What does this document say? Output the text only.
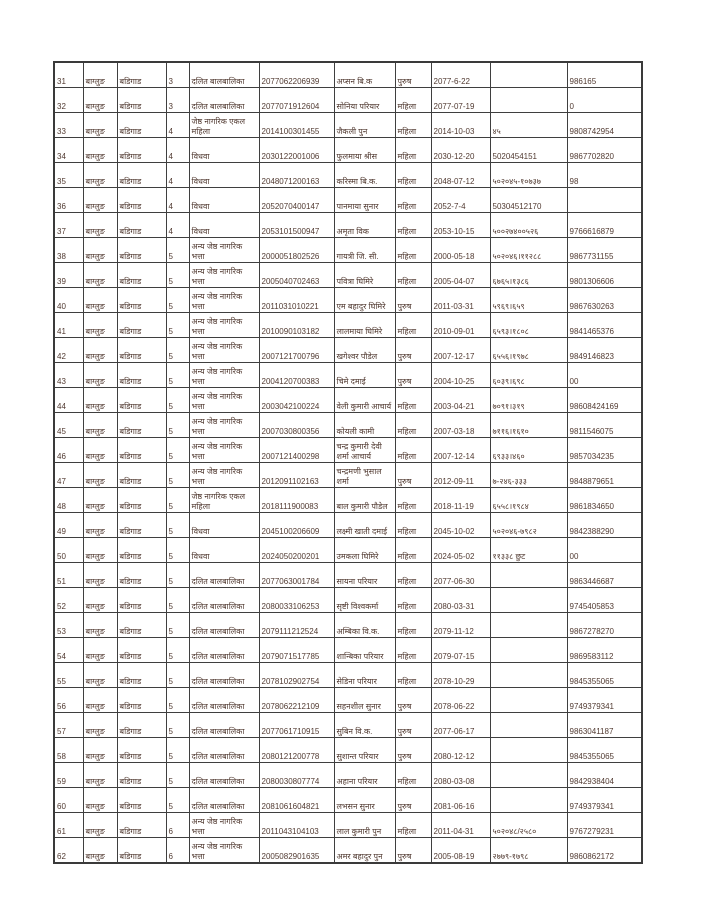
31	बाग्लुङ	बडिगाड	3	दलित बालबालिका	2077062206939	अप्सन बि.क	पुरुष	2077-6-22		986165
32	बाग्लुङ	बडिगाड	3	दलित बालबालिका	2077071912604	सोनिया परियार	महिला	2077-07-19		0
33	बाग्लुङ	बडिगाड	4	जेष्ठ नागरिक एकल महिला	2014100301455	जैकली पुन	महिला	2014-10-03	४५	9808742954
34	बाग्लुङ	बडिगाड	4	विधवा	2030122001006	फुलमाया श्रीस	महिला	2030-12-20	5020454151	9867702820
35	बाग्लुङ	बडिगाड	4	विधवा	2048071200163	करिस्मा बि.क.	महिला	2048-07-12	५०२०४५-१०७३७	98
36	बाग्लुङ	बडिगाड	4	विधवा	2052070400147	पानमाया सुनार	महिला	2052-7-4	50304512170	
37	बाग्लुङ	बडिगाड	4	विधवा	2053101500947	अमृता विक	महिला	2053-10-15	५००२७४००५२६	9766616879
38	बाग्लुङ	बडिगाड	5	अन्य जेष्ठ नागरिक भत्ता	2000051802526	गायत्री जि. सी.	महिला	2000-05-18	५०२०४६।११२८८	9867731155
39	बाग्लुङ	बडिगाड	5	अन्य जेष्ठ नागरिक भत्ता	2005040702463	पवित्रा घिमिरे	महिला	2005-04-07	६७६५।१३८६	9801306606
40	बाग्लुङ	बडिगाड	5	अन्य जेष्ठ नागरिक भत्ता	2011031010221	एम बहादुर घिमिरे	पुरुष	2011-03-31	५९६९।६५९	9867630263
41	बाग्लुङ	बडिगाड	5	अन्य जेष्ठ नागरिक भत्ता	2010090103182	लालमाया घिमिरे	महिला	2010-09-01	६५९३।१८०८	9841465376
42	बाग्लुङ	बडिगाड	5	अन्य जेष्ठ नागरिक भत्ता	2007121700796	खगेश्वर पौडेल	पुरुष	2007-12-17	६५५६।१९७८	9849146823
43	बाग्लुङ	बडिगाड	5	अन्य जेष्ठ नागरिक भत्ता	2004120700383	चिमे दमाई	पुरुष	2004-10-25	६०३९।६९८	00
44	बाग्लुङ	बडिगाड	5	अन्य जेष्ठ नागरिक भत्ता	2003042100224	वेली कुमारी आचार्य	महिला	2003-04-21	७०९१।३१९	98608424169
45	बाग्लुङ	बडिगाड	5	अन्य जेष्ठ नागरिक भत्ता	2007030800356	कोयली कामी	महिला	2007-03-18	७११६।१६१०	9811546075
46	बाग्लुङ	बडिगाड	5	अन्य जेष्ठ नागरिक भत्ता	2007121400298	चन्द्र कुमारी देवी शर्मा आचार्य	महिला	2007-12-14	६९३३।४६०	9857034235
47	बाग्लुङ	बडिगाड	5	अन्य जेष्ठ नागरिक भत्ता	2012091102163	चन्द्रमणी भुसाल शर्मा	पुरुष	2012-09-11	७-२४६-३३३	9848879651
48	बाग्लुङ	बडिगाड	5	जेष्ठ नागरिक एकल महिला	2018111900083	बाल कुमारी पौडेल	महिला	2018-11-19	६५५८।१९८४	9861834650
49	बाग्लुङ	बडिगाड	5	विधवा	2045100206609	लक्ष्मी खाती दमाई	महिला	2045-10-02	५०२०४६-७९८२	9842388290
50	बाग्लुङ	बडिगाड	5	विधवा	2024050200201	उमकला घिमिरे	महिला	2024-05-02	११३३८ छुट	00
51	बाग्लुङ	बडिगाड	5	दलित बालबालिका	2077063001784	सायना परियार	महिला	2077-06-30		9863446687
52	बाग्लुङ	बडिगाड	5	दलित बालबालिका	2080033106253	सृष्टी विश्वकर्मा	महिला	2080-03-31		9745405853
53	बाग्लुङ	बडिगाड	5	दलित बालबालिका	2079111212524	अम्बिका वि.क.	महिला	2079-11-12		9867278270
54	बाग्लुङ	बडिगाड	5	दलित बालबालिका	2079071517785	शान्बिका परियार	महिला	2079-07-15		9869583112
55	बाग्लुङ	बडिगाड	5	दलित बालबालिका	2078102902754	सेडिना परियार	महिला	2078-10-29		9845355065
56	बाग्लुङ	बडिगाड	5	दलित बालबालिका	2078062212109	सहनशील सुनार	पुरुष	2078-06-22		9749379341
57	बाग्लुङ	बडिगाड	5	दलित बालबालिका	2077061710915	सुबिन वि.क.	पुरुष	2077-06-17		9863041187
58	बाग्लुङ	बडिगाड	5	दलित बालबालिका	2080121200778	सुशान्त परियार	पुरुष	2080-12-12		9845355065
59	बाग्लुङ	बडिगाड	5	दलित बालबालिका	2080030807774	अहाना परियार	महिला	2080-03-08		9842938404
60	बाग्लुङ	बडिगाड	5	दलित बालबालिका	2081061604821	लभसन सुनार	पुरुष	2081-06-16		9749379341
61	बाग्लुङ	बडिगाड	6	अन्य जेष्ठ नागरिक भत्ता	2011043104103	लाल कुमारी पुन	महिला	2011-04-31	५०२०४८/२५८०	9767279231
62	बाग्लुङ	बडिगाड	6	अन्य जेष्ठ नागरिक भत्ता	2005082901635	अमर बहादुर पुन	पुरुष	2005-08-19	२७७९-१७९८	9860862172
